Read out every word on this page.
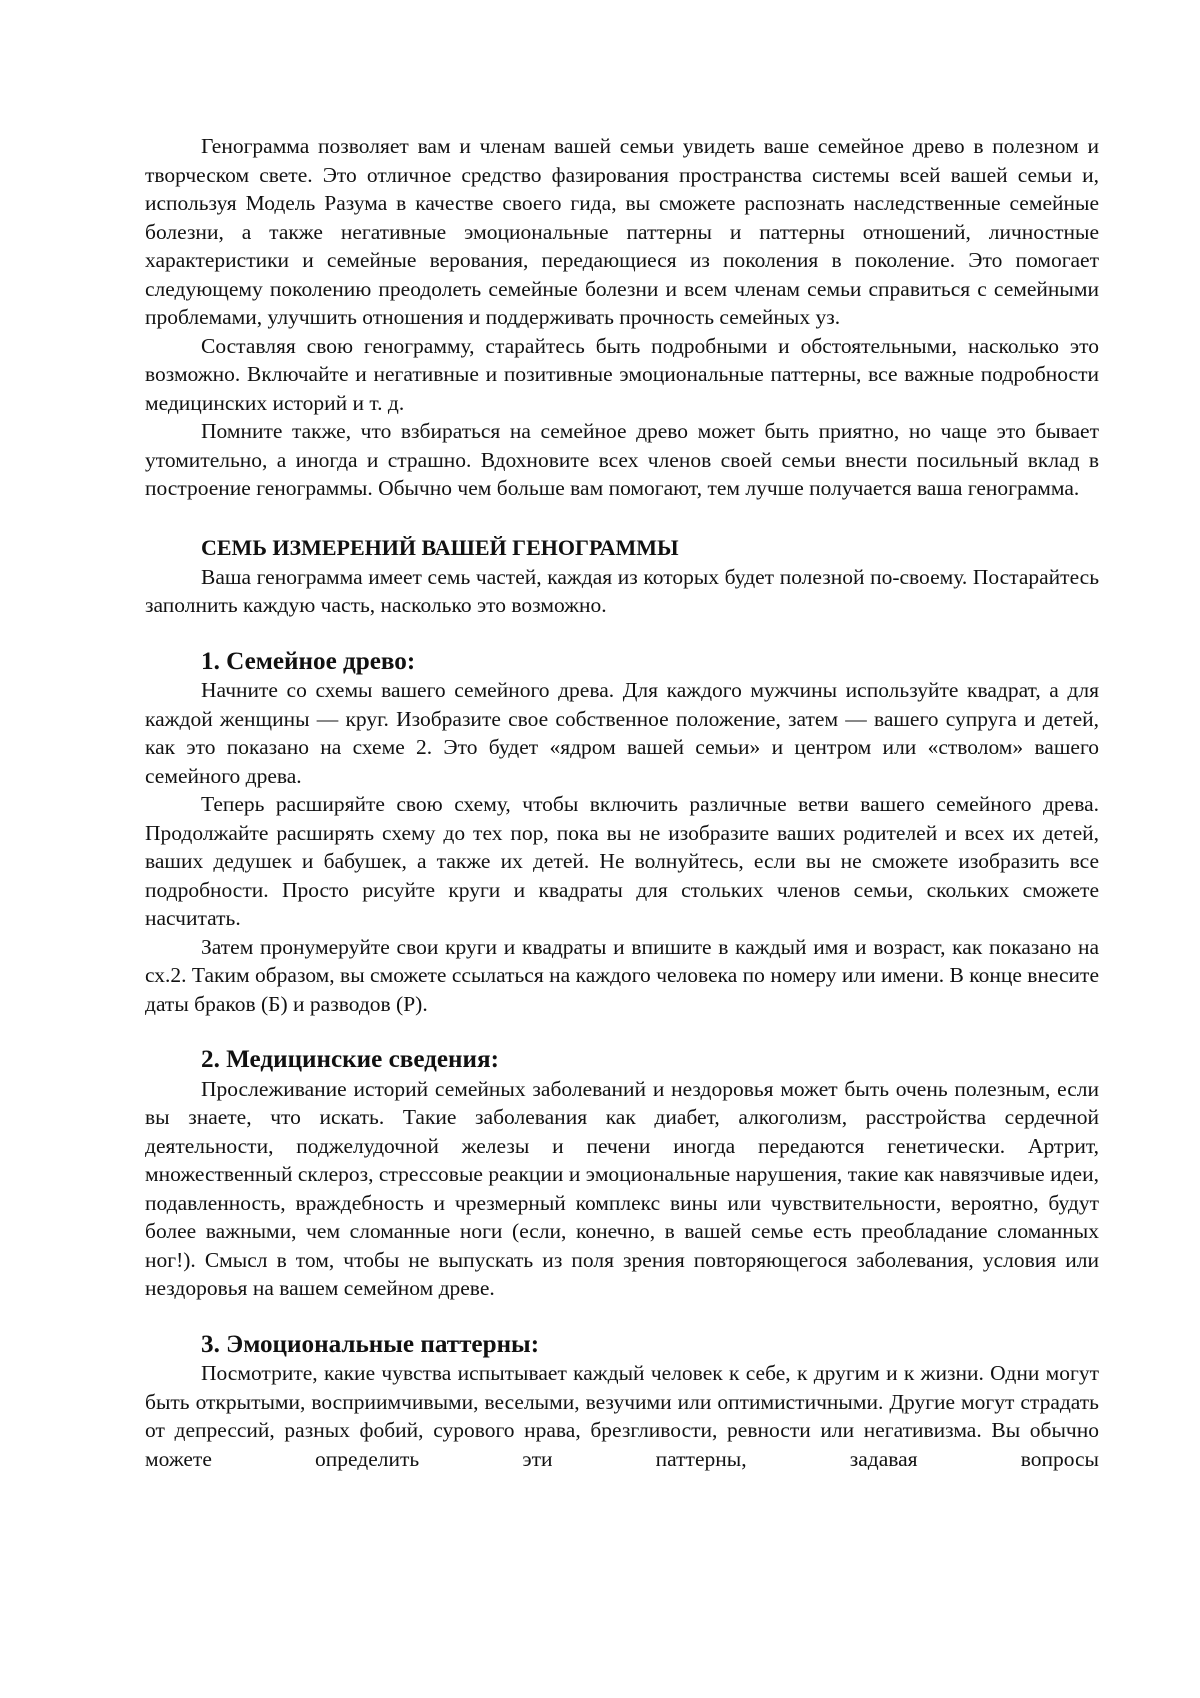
Генограмма позволяет вам и членам вашей семьи увидеть ваше семейное древо в полезном и творческом свете. Это отличное средство фазирования пространства системы всей вашей семьи и, используя Модель Разума в качестве своего гида, вы сможете распознать наследственные семейные болезни, а также негативные эмоциональные паттерны и паттерны отношений, личностные характеристики и семейные верования, передающиеся из поколения в поколение. Это помогает следующему поколению преодолеть семейные болезни и всем членам семьи справиться с семейными проблемами, улучшить отношения и поддерживать прочность семейных уз.

Составляя свою генограмму, старайтесь быть подробными и обстоятельными, насколько это возможно. Включайте и негативные и позитивные эмоциональные паттерны, все важные подробности медицинских историй и т. д.

Помните также, что взбираться на семейное древо может быть приятно, но чаще это бывает утомительно, а иногда и страшно. Вдохновите всех членов своей семьи внести посильный вклад в построение генограммы. Обычно чем больше вам помогают, тем лучше получается ваша генограмма.

СЕМЬ ИЗМЕРЕНИЙ ВАШЕЙ ГЕНОГРАММЫ

Ваша генограмма имеет семь частей, каждая из которых будет полезной по-своему. Постарайтесь заполнить каждую часть, насколько это возможно.

1. Семейное древо:

Начните со схемы вашего семейного древа. Для каждого мужчины используйте квадрат, а для каждой женщины — круг. Изобразите свое собственное положение, затем — вашего супруга и детей, как это показано на схеме 2. Это будет «ядром вашей семьи» и центром или «стволом» вашего семейного древа.

Теперь расширяйте свою схему, чтобы включить различные ветви вашего семейного древа. Продолжайте расширять схему до тех пор, пока вы не изобразите ваших родителей и всех их детей, ваших дедушек и бабушек, а также их детей. Не волнуйтесь, если вы не сможете изобразить все подробности. Просто рисуйте круги и квадраты для стольких членов семьи, скольких сможете насчитать.

Затем пронумеруйте свои круги и квадраты и впишите в каждый имя и возраст, как показано на сх.2. Таким образом, вы сможете ссылаться на каждого человека по номеру или имени. В конце внесите даты браков (Б) и разводов (Р).

2. Медицинские сведения:

Прослеживание историй семейных заболеваний и нездоровья может быть очень полезным, если вы знаете, что искать. Такие заболевания как диабет, алкоголизм, расстройства сердечной деятельности, поджелудочной железы и печени иногда передаются генетически. Артрит, множественный склероз, стрессовые реакции и эмоциональные нарушения, такие как навязчивые идеи, подавленность, враждебность и чрезмерный комплекс вины или чувствительности, вероятно, будут более важными, чем сломанные ноги (если, конечно, в вашей семье есть преобладание сломанных ног!). Смысл в том, чтобы не выпускать из поля зрения повторяющегося заболевания, условия или нездоровья на вашем семейном древе.

3. Эмоциональные паттерны:

Посмотрите, какие чувства испытывает каждый человек к себе, к другим и к жизни. Одни могут быть открытыми, восприимчивыми, веселыми, везучими или оптимистичными. Другие могут страдать от депрессий, разных фобий, сурового нрава, брезгливости, ревности или негативизма. Вы обычно можете определить эти паттерны, задавая вопросы
